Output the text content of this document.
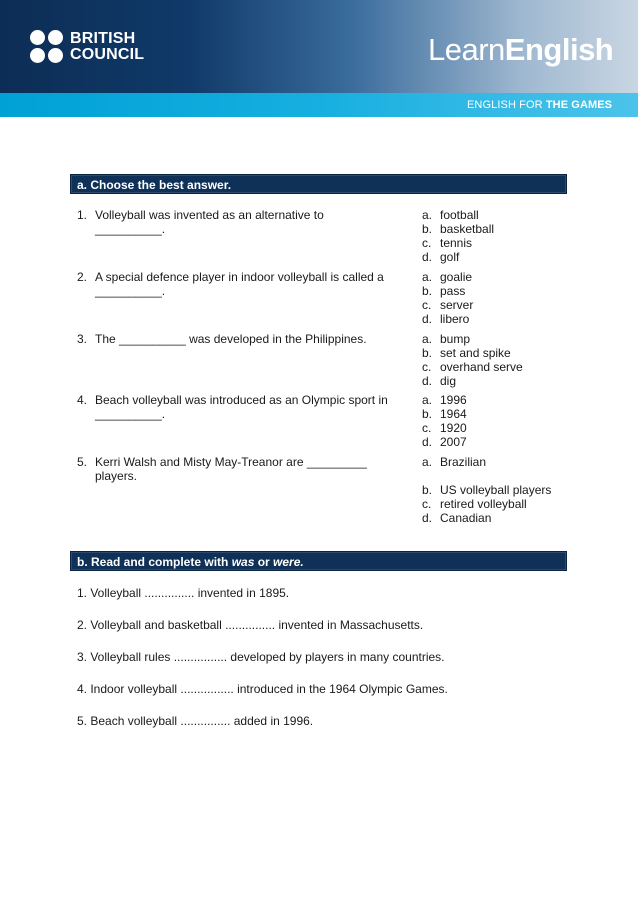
BRITISH
COUNCIL	LearnEnglish
ENGLISH FOR THE GAMES
a. Choose the best answer.
1. Volleyball was invented as an alternative to __________.
a. football
b. basketball
c. tennis
d. golf
2. A special defence player in indoor volleyball is called a __________.
a. goalie
b. pass
c. server
d. libero
3. The __________ was developed in the Philippines.	a. bump
b. set and spike
c. overhand serve
d. dig
4. Beach volleyball was introduced as an Olympic sport in __________.
a. 1996
b. 1964
c. 1920
d. 2007
5. Kerri Walsh and Misty May-Treanor are _________ players.
a. Brazilian
b. US volleyball players
c. retired volleyball
d. Canadian
b. Read and complete with was or were.
1. Volleyball ............... invented in 1895.
2. Volleyball and basketball ............... invented in Massachusetts.
3. Volleyball rules ................ developed by players in many countries.
4. Indoor volleyball ................ introduced in the 1964 Olympic Games.
5. Beach volleyball ............... added in 1996.
